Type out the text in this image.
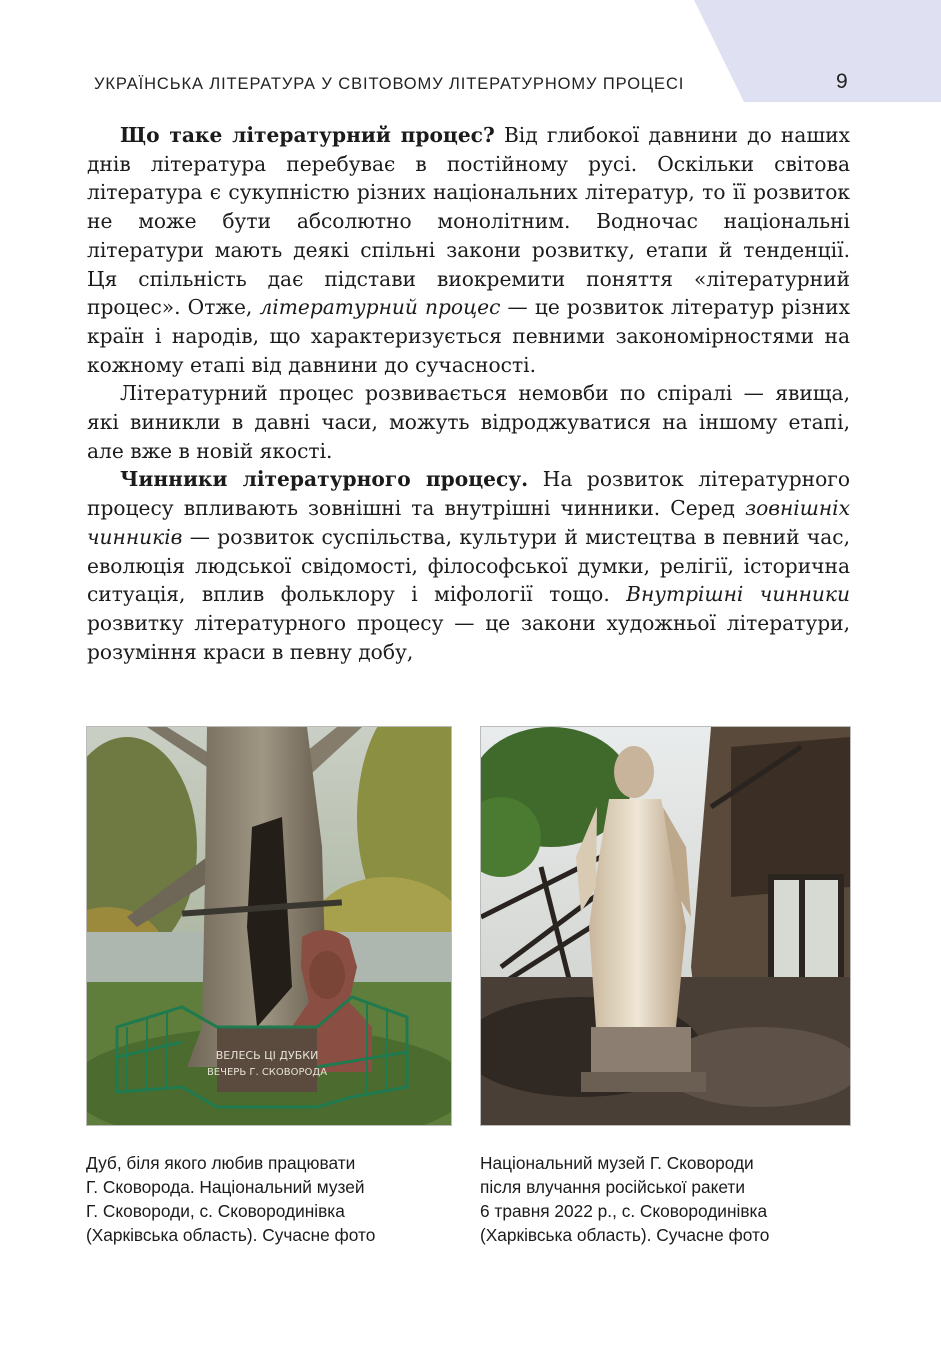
УКРАЇНСЬКА ЛІТЕРАТУРА У СВІТОВОМУ ЛІТЕРАТУРНОМУ ПРОЦЕСІ	9

Що таке літературний процес? Від глибокої давнини до наших днів література перебуває в постійному русі. Оскільки світова література є сукупністю різних національних літератур, то її розвиток не може бути абсолютно монолітним. Водночас національні літератури мають деякі спільні закони розвитку, етапи й тенденції. Ця спільність дає підстави виокремити поняття «літературний процес». Отже, літературний процес — це розвиток літератур різних країн і народів, що характеризується певними закономірностями на кожному етапі від давнини до сучасності.

Літературний процес розвивається немовби по спіралі — явища, які виникли в давні часи, можуть відроджуватися на іншому етапі, але вже в новій якості.

Чинники літературного процесу. На розвиток літературного процесу впливають зовнішні та внутрішні чинники. Серед зовнішніх чинників — розвиток суспільства, культури й мистецтва в певний час, еволюція людської свідомості, філософської думки, релігії, історична ситуація, вплив фольклору і міфології тощо. Внутрішні чинники розвитку літературного процесу — це закони художньої літератури, розуміння краси в певну добу,

ВЕЛЕСЬ ЦІ ДУБКИ
ВЕЧЕРЬ Г. СКОВОРОДА
Дуб, біля якого любив працювати
Г. Сковорода. Національний музей
Г. Сковороди, с. Сковородинівка
(Харківська область). Сучасне фото
Національний музей Г. Сковороди
після влучання російської ракети
6 травня 2022 р., с. Сковородинівка
(Харківська область). Сучасне фото
